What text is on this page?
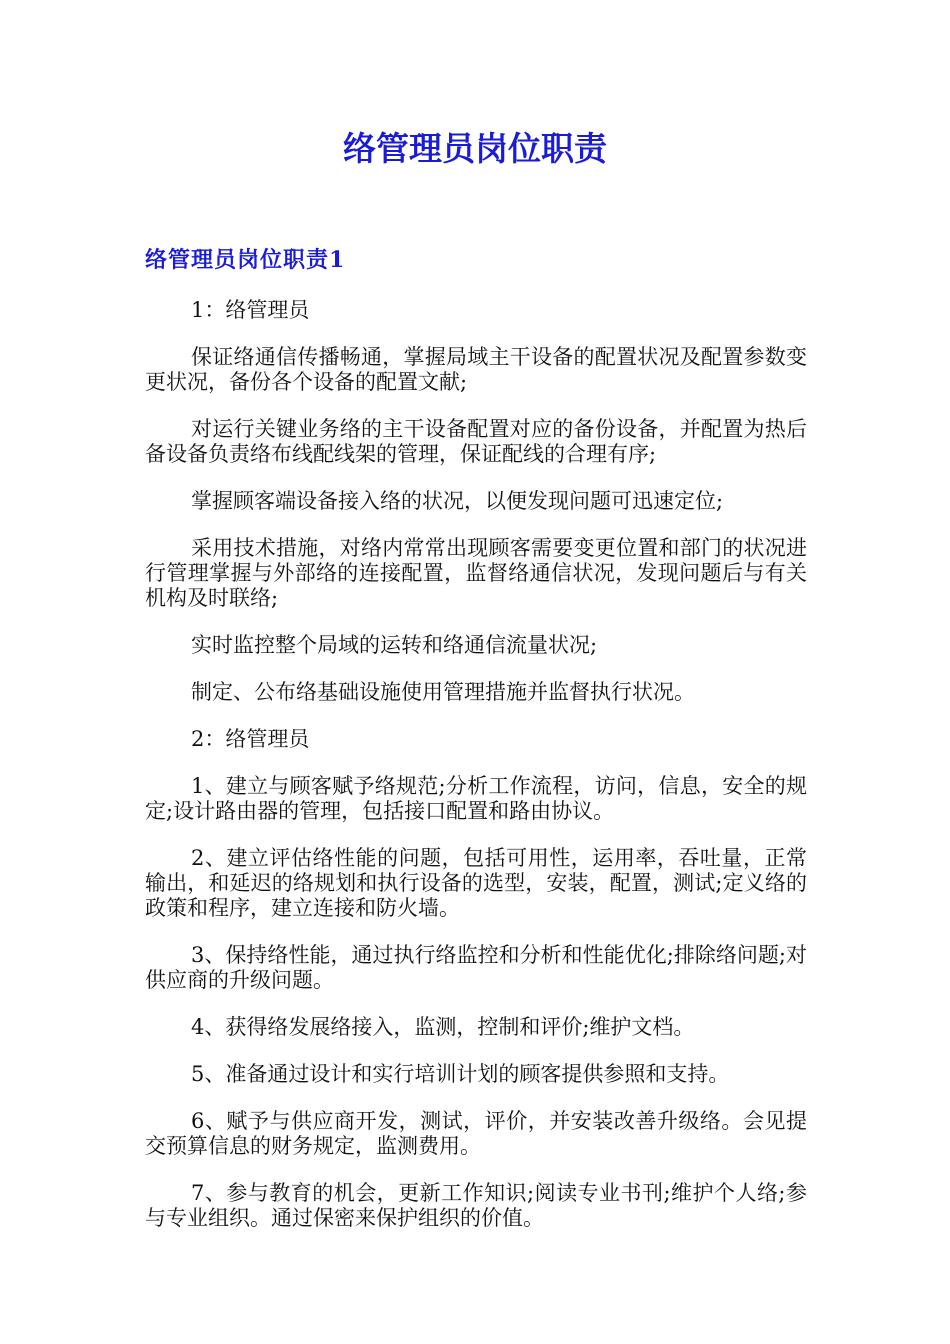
络管理员岗位职责
络管理员岗位职责1

1：络管理员

保证络通信传播畅通，掌握局域主干设备的配置状况及配置参数变更状况，备份各个设备的配置文献;

对运行关键业务络的主干设备配置对应的备份设备，并配置为热后备设备负责络布线配线架的管理，保证配线的合理有序;

掌握顾客端设备接入络的状况，以便发现问题可迅速定位;

采用技术措施，对络内常常出现顾客需要变更位置和部门的状况进行管理掌握与外部络的连接配置，监督络通信状况，发现问题后与有关机构及时联络;

实时监控整个局域的运转和络通信流量状况;

制定、公布络基础设施使用管理措施并监督执行状况。

2：络管理员

1、建立与顾客赋予络规范;分析工作流程，访问，信息，安全的规定;设计路由器的管理，包括接口配置和路由协议。

2、建立评估络性能的问题，包括可用性，运用率，吞吐量，正常输出，和延迟的络规划和执行设备的选型，安装，配置，测试;定义络的政策和程序，建立连接和防火墙。

3、保持络性能，通过执行络监控和分析和性能优化;排除络问题;对供应商的升级问题。

4、获得络发展络接入，监测，控制和评价;维护文档。

5、准备通过设计和实行培训计划的顾客提供参照和支持。

6、赋予与供应商开发，测试，评价，并安装改善升级络。会见提交预算信息的财务规定，监测费用。

7、参与教育的机会，更新工作知识;阅读专业书刊;维护个人络;参与专业组织。通过保密来保护组织的价值。
